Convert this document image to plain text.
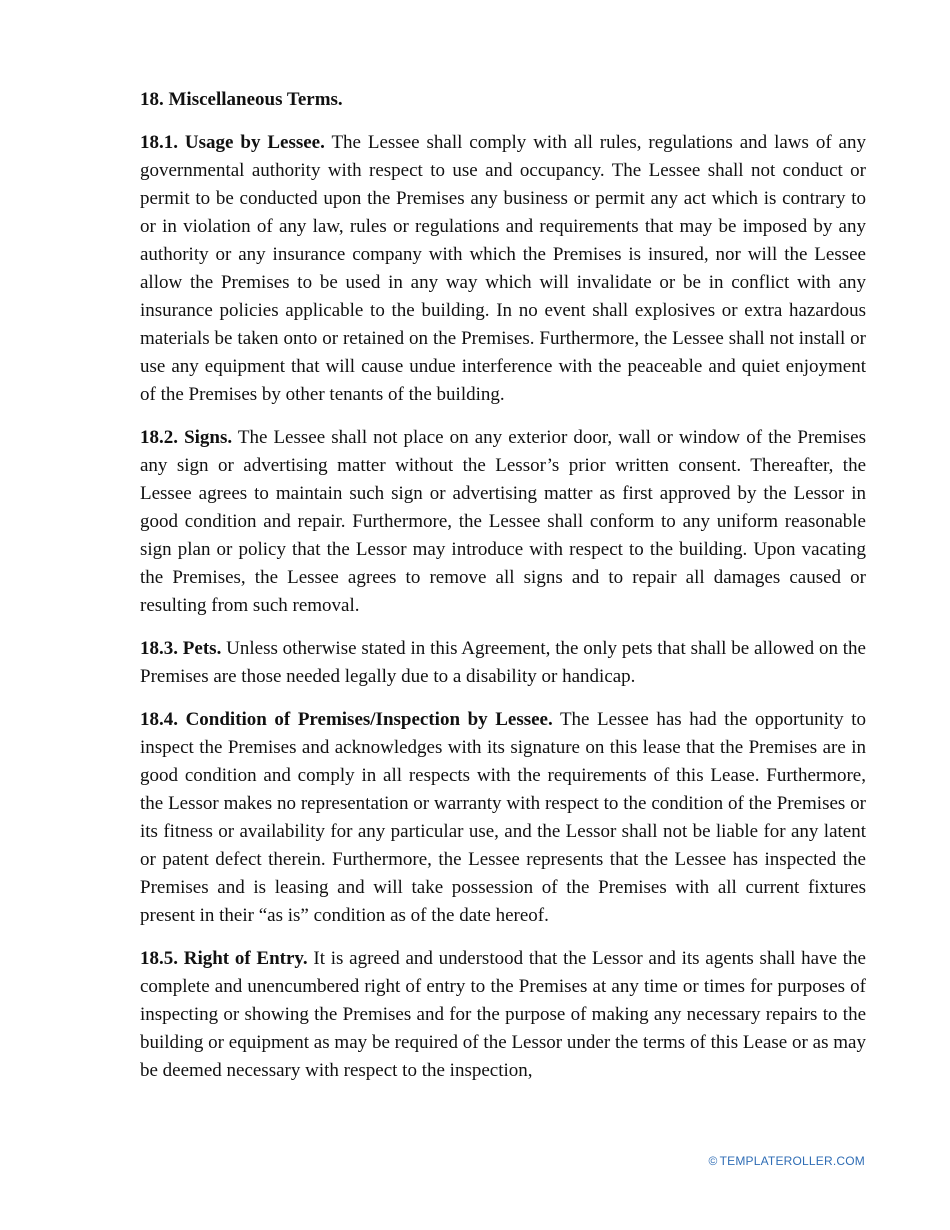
18. Miscellaneous Terms.

18.1. Usage by Lessee. The Lessee shall comply with all rules, regulations and laws of any governmental authority with respect to use and occupancy. The Lessee shall not conduct or permit to be conducted upon the Premises any business or permit any act which is contrary to or in violation of any law, rules or regulations and requirements that may be imposed by any authority or any insurance company with which the Premises is insured, nor will the Lessee allow the Premises to be used in any way which will invalidate or be in conflict with any insurance policies applicable to the building. In no event shall explosives or extra hazardous materials be taken onto or retained on the Premises. Furthermore, the Lessee shall not install or use any equipment that will cause undue interference with the peaceable and quiet enjoyment of the Premises by other tenants of the building.

18.2. Signs. The Lessee shall not place on any exterior door, wall or window of the Premises any sign or advertising matter without the Lessor’s prior written consent. Thereafter, the Lessee agrees to maintain such sign or advertising matter as first approved by the Lessor in good condition and repair. Furthermore, the Lessee shall conform to any uniform reasonable sign plan or policy that the Lessor may introduce with respect to the building. Upon vacating the Premises, the Lessee agrees to remove all signs and to repair all damages caused or resulting from such removal.

18.3. Pets. Unless otherwise stated in this Agreement, the only pets that shall be allowed on the Premises are those needed legally due to a disability or handicap.

18.4. Condition of Premises/Inspection by Lessee. The Lessee has had the opportunity to inspect the Premises and acknowledges with its signature on this lease that the Premises are in good condition and comply in all respects with the requirements of this Lease. Furthermore, the Lessor makes no representation or warranty with respect to the condition of the Premises or its fitness or availability for any particular use, and the Lessor shall not be liable for any latent or patent defect therein. Furthermore, the Lessee represents that the Lessee has inspected the Premises and is leasing and will take possession of the Premises with all current fixtures present in their “as is” condition as of the date hereof.

18.5. Right of Entry. It is agreed and understood that the Lessor and its agents shall have the complete and unencumbered right of entry to the Premises at any time or times for purposes of inspecting or showing the Premises and for the purpose of making any necessary repairs to the building or equipment as may be required of the Lessor under the terms of this Lease or as may be deemed necessary with respect to the inspection,

© TEMPLATEROLLER.COM
